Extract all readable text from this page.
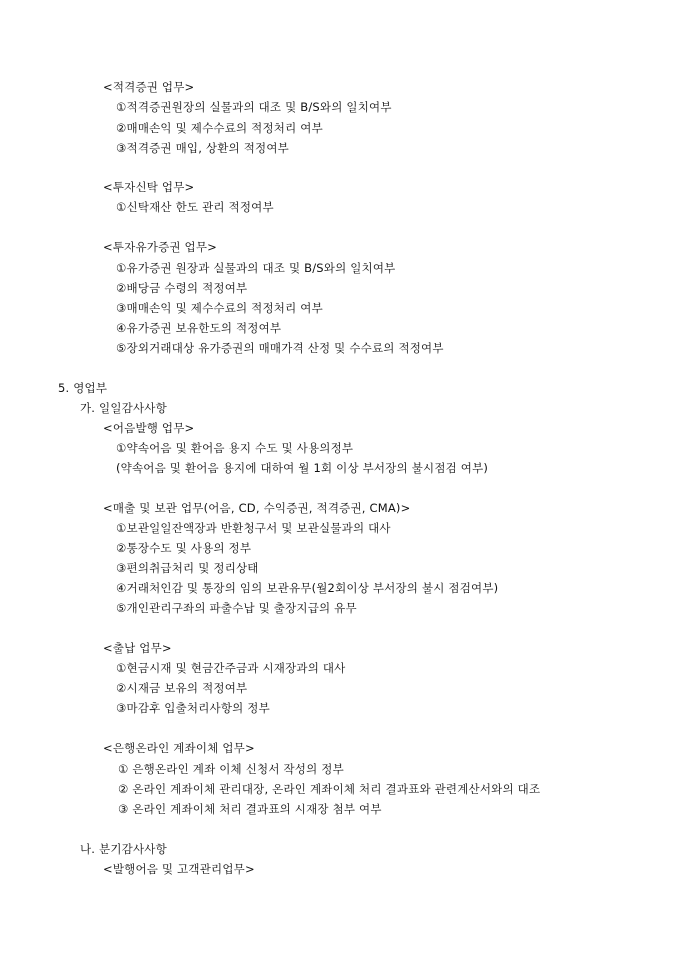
<적격증권 업무>
①적격증권원장의 실물과의 대조 및 B/S와의 일치여부
②매매손익 및 제수수료의 적정처리 여부
③적격증권 매입, 상환의 적정여부
<투자신탁 업무>
①신탁재산 한도 관리 적정여부
<투자유가증권 업무>
①유가증권 원장과 실물과의 대조 및 B/S와의 일치여부
②배당금 수령의 적정여부
③매매손익 및 제수수료의 적정처리 여부
④유가증권 보유한도의 적정여부
⑤장외거래대상 유가증권의 매매가격 산정 및 수수료의 적정여부
5. 영업부
가. 일일감사사항
<어음발행 업무>
①약속어음 및 환어음 용지 수도 및 사용의정부
(약속어음 및 환어음 용지에 대하여 월 1회 이상 부서장의 불시점검 여부)
<매출 및 보관 업무(어음, CD, 수익증권, 적격증권, CMA)>
①보관일일잔액장과 반환청구서 및 보관실물과의 대사
②통장수도 및 사용의 정부
③편의취급처리 및 정리상태
④거래처인감 및 통장의 임의 보관유무(월2회이상 부서장의 불시 점검여부)
⑤개인관리구좌의 파출수납 및 출장지급의 유무
<출납 업무>
①현금시재 및 현금간주금과 시재장과의 대사
②시재금 보유의 적정여부
③마감후 입출처리사항의 정부
<은행온라인 계좌이체 업무>
① 은행온라인 계좌 이체 신청서 작성의 정부
② 온라인 계좌이체 관리대장, 온라인 계좌이체 처리 결과표와 관련계산서와의 대조
③ 온라인 계좌이체 처리 결과표의 시재장 첨부 여부
나. 분기감사사항
<발행어음 및 고객관리업무>
